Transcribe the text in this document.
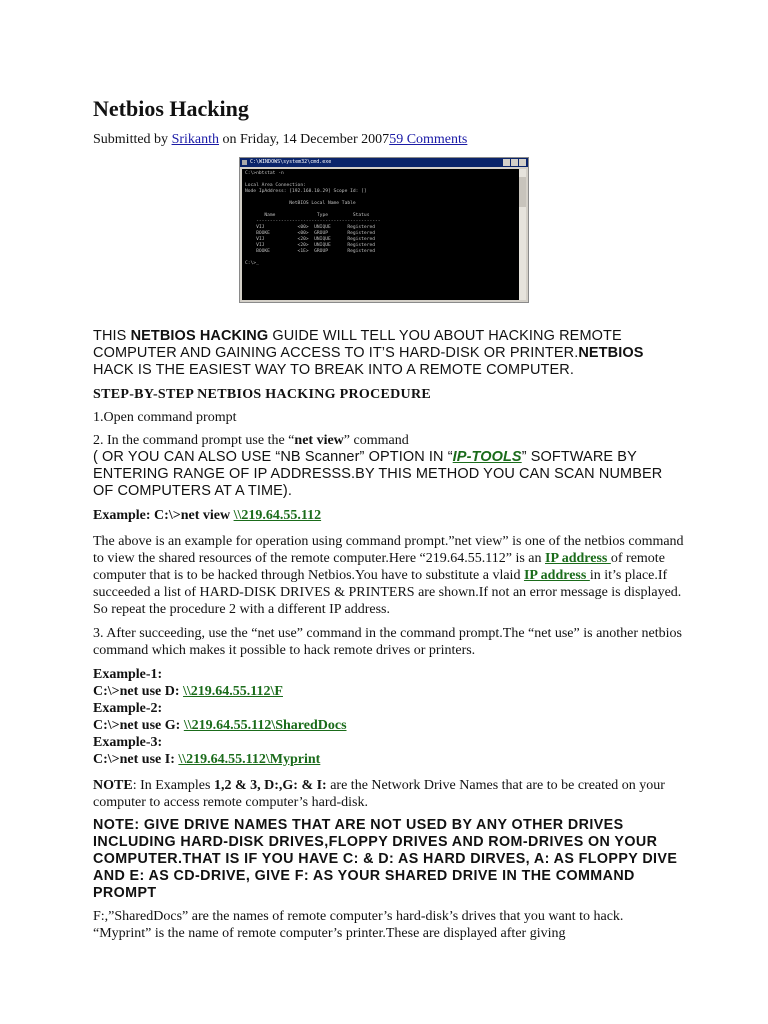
Netbios Hacking

Submitted by Srikanth on Friday, 14 December 200759 Comments

C:\WINDOWS\system32\cmd.exe
C:\>nbtstat -n

Local Area Connection:
Node IpAddress: [192.168.10.29] Scope Id: []

NetBIOS Local Name Table

Name               Type         Status
---------------------------------------------
VIJ            <00>  UNIQUE      Registered
BOOKE          <00>  GROUP       Registered
VIJ            <20>  UNIQUE      Registered
VIJ            <20>  UNIQUE      Registered
BOOKE          <1E>  GROUP       Registered

C:\>_

THIS NETBIOS HACKING GUIDE WILL TELL YOU ABOUT HACKING REMOTE COMPUTER AND GAINING ACCESS TO IT’S HARD-DISK OR PRINTER.NETBIOS HACK IS THE EASIEST WAY TO BREAK INTO A REMOTE COMPUTER.

STEP-BY-STEP NETBIOS HACKING PROCEDURE

1.Open command prompt

2. In the command prompt use the “net view” command

( OR YOU CAN ALSO USE “NB Scanner” OPTION IN “IP-TOOLS” SOFTWARE BY ENTERING RANGE OF IP ADDRESSS.BY THIS METHOD YOU CAN SCAN NUMBER OF COMPUTERS AT A TIME).

Example: C:\>net view \\219.64.55.112

The above is an example for operation using command prompt.”net view” is one of the netbios command to view the shared resources of the remote computer.Here “219.64.55.112” is an IP address of remote computer that is to be hacked through Netbios.You have to substitute a vlaid IP address in it’s place.If succeeded a list of HARD-DISK DRIVES & PRINTERS are shown.If not an error message is displayed. So repeat the procedure 2 with a different IP address.

3. After succeeding, use the “net use” command in the command prompt.The “net use” is another netbios command which makes it possible to hack remote drives or printers.

Example-1:

C:\>net use D: \\219.64.55.112\F

Example-2:

C:\>net use G: \\219.64.55.112\SharedDocs

Example-3:

C:\>net use I: \\219.64.55.112\Myprint

NOTE: In Examples 1,2 & 3, D:,G: & I: are the Network Drive Names that are to be created on your computer to access remote computer’s hard-disk.

NOTE: GIVE DRIVE NAMES THAT ARE NOT USED BY ANY OTHER DRIVES INCLUDING HARD-DISK DRIVES,FLOPPY DRIVES AND ROM-DRIVES ON YOUR COMPUTER.THAT IS IF YOU HAVE C: & D: AS HARD DIRVES, A: AS FLOPPY DIVE AND E: AS CD-DRIVE, GIVE F: AS YOUR SHARED DRIVE IN THE COMMAND PROMPT

F:,”SharedDocs” are the names of remote computer’s hard-disk’s drives that you want to hack. “Myprint” is the name of remote computer’s printer.These are displayed after giving
